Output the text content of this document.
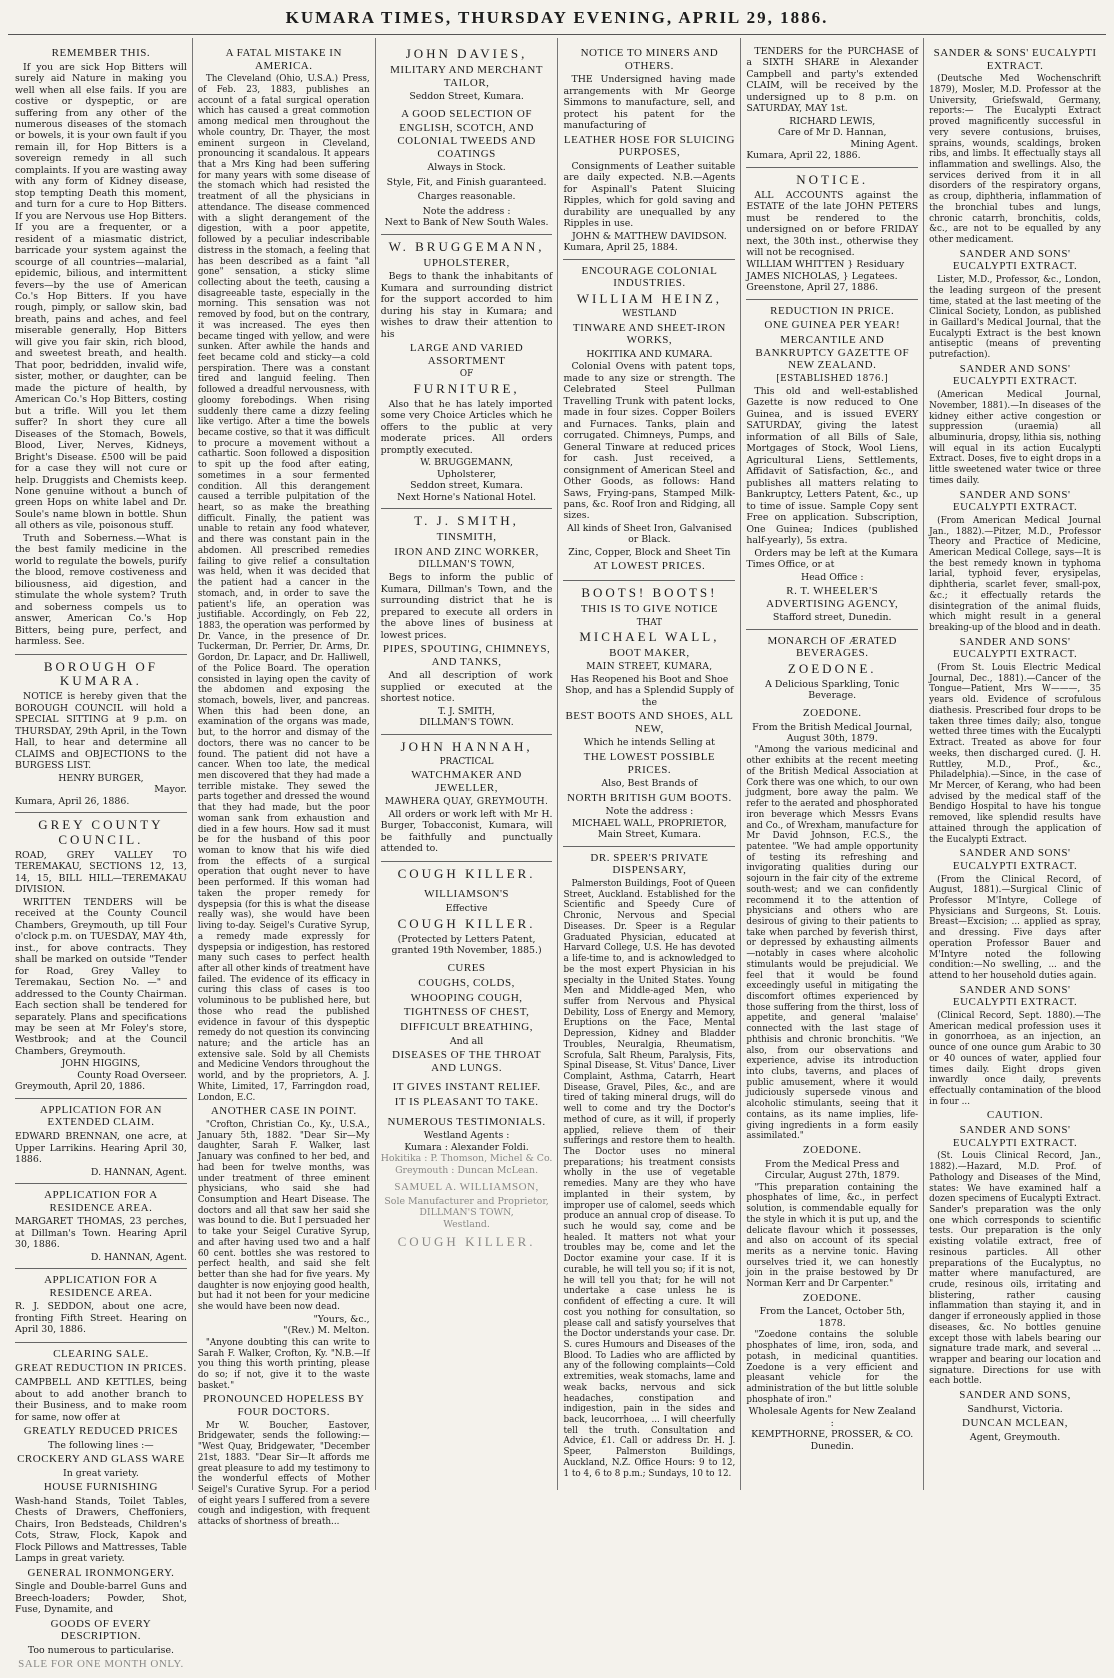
KUMARA TIMES, THURSDAY EVENING, APRIL 29, 1886.
REMEMBER THIS.

If you are sick Hop Bitters will surely aid Nature in making you well when all else fails. If you are costive or dyspeptic, or are suffering from any other of the numerous diseases of the stomach or bowels, it is your own fault if you remain ill, for Hop Bitters is a sovereign remedy in all such complaints. If you are wasting away with any form of Kidney disease, stop tempting Death this moment, and turn for a cure to Hop Bitters. If you are Nervous use Hop Bitters. If you are a frequenter, or a resident of a miasmatic district, barricade your system against the scourge of all countries—malarial, epidemic, bilious, and intermittent fevers—by the use of American Co.'s Hop Bitters. If you have rough, pimply, or sallow skin, bad breath, pains and aches, and feel miserable generally, Hop Bitters will give you fair skin, rich blood, and sweetest breath, and health. That poor, bedridden, invalid wife, sister, mother, or daughter, can be made the picture of health, by American Co.'s Hop Bitters, costing but a trifle. Will you let them suffer? In short they cure all Diseases of the Stomach, Bowels, Blood, Liver, Nerves, Kidneys, Bright's Disease. £500 will be paid for a case they will not cure or help. Druggists and Chemists keep. None genuine without a bunch of green Hops on white label and Dr. Soule's name blown in bottle. Shun all others as vile, poisonous stuff.

Truth and Soberness.—What is the best family medicine in the world to regulate the bowels, purify the blood, remove costiveness and biliousness, aid digestion, and stimulate the whole system? Truth and soberness compels us to answer, American Co.'s Hop Bitters, being pure, perfect, and harmless. See.

BOROUGH OF KUMARA.

NOTICE is hereby given that the BOROUGH COUNCIL will hold a SPECIAL SITTING at 9 p.m. on THURSDAY, 29th April, in the Town Hall, to hear and determine all CLAIMS and OBJECTIONS to the BURGESS LIST.

HENRY BURGER,
Mayor.
Kumara, April 26, 1886.
GREY COUNTY COUNCIL.

ROAD, GREY VALLEY TO TEREMAKAU, SECTIONS 12, 13, 14, 15, BILL HILL—TEREMAKAU DIVISION.

WRITTEN TENDERS will be received at the County Council Chambers, Greymouth, up till Four o'clock p.m. on TUESDAY, MAY 4th, inst., for above contracts. They shall be marked on outside "Tender for Road, Grey Valley to Teremakau, Section No. —" and addressed to the County Chairman. Each section shall be tendered for separately. Plans and specifications may be seen at Mr Foley's store, Westbrook; and at the Council Chambers, Greymouth.

JOHN HIGGINS,
County Road Overseer.
Greymouth, April 20, 1886.
APPLICATION FOR AN EXTENDED CLAIM.

EDWARD BRENNAN, one acre, at Upper Larrikins. Hearing April 30, 1886.

D. HANNAN, Agent.
APPLICATION FOR A RESIDENCE AREA.

MARGARET THOMAS, 23 perches, at Dillman's Town. Hearing April 30, 1886.

D. HANNAN, Agent.
APPLICATION FOR A RESIDENCE AREA.

R. J. SEDDON, about one acre, fronting Fifth Street. Hearing on April 30, 1886.

CLEARING SALE.
GREAT REDUCTION IN PRICES.

CAMPBELL AND KETTLES, being about to add another branch to their Business, and to make room for same, now offer at

GREATLY REDUCED PRICES
The following lines :—
CROCKERY AND GLASS WARE
In great variety.
HOUSE FURNISHING

Wash-hand Stands, Toilet Tables, Chests of Drawers, Cheffoniers, Chairs, Iron Bedsteads, Children's Cots, Straw, Flock, Kapok and Flock Pillows and Mattresses, Table Lamps in great variety.

GENERAL IRONMONGERY.

Single and Double-barrel Guns and Breech-loaders; Powder, Shot, Fuse, Dynamite, and

GOODS OF EVERY DESCRIPTION.
Too numerous to particularise.
SALE FOR ONE MONTH ONLY.
A FATAL MISTAKE IN AMERICA.

The Cleveland (Ohio, U.S.A.) Press, of Feb. 23, 1883, publishes an account of a fatal surgical operation which has caused a great commotion among medical men throughout the whole country, Dr. Thayer, the most eminent surgeon in Cleveland, pronouncing it scandalous. It appears that a Mrs King had been suffering for many years with some disease of the stomach which had resisted the treatment of all the physicians in attendance. The disease commenced with a slight derangement of the digestion, with a poor appetite, followed by a peculiar indescribable distress in the stomach, a feeling that has been described as a faint "all gone" sensation, a sticky slime collecting about the teeth, causing a disagreeable taste, especially in the morning. This sensation was not removed by food, but on the contrary, it was increased. The eyes then became tinged with yellow, and were sunken. After awhile the hands and feet became cold and sticky—a cold perspiration. There was a constant tired and languid feeling. Then followed a dreadful nervousness, with gloomy forebodings. When rising suddenly there came a dizzy feeling like vertigo. After a time the bowels became costive, so that it was difficult to procure a movement without a cathartic. Soon followed a disposition to spit up the food after eating, sometimes in a sour fermented condition. All this derangement caused a terrible pulpitation of the heart, so as make the breathing difficult. Finally, the patient was unable to retain any food whatever, and there was constant pain in the abdomen. All prescribed remedies failing to give relief a consultation was held, when it was decided that the patient had a cancer in the stomach, and, in order to save the patient's life, an operation was justifiable. Accordingly, on Feb 22, 1883, the operation was performed by Dr. Vance, in the presence of Dr. Tuckerman, Dr. Perrier, Dr. Arms, Dr. Gordon, Dr. Lapacr, and Dr. Halliwell, of the Police Board. The operation consisted in laying open the cavity of the abdomen and exposing the stomach, bowels, liver, and pancreas. When this had been done, an examination of the organs was made, but, to the horror and dismay of the doctors, there was no cancer to be found. The patient did not have a cancer. When too late, the medical men discovered that they had made a terrible mistake. They sewed the parts together and dressed the wound that they had made, but the poor woman sank from exhaustion and died in a few hours. How sad it must be for the husband of this poor woman to know that his wife died from the effects of a surgical operation that ought never to have been performed. If this woman had taken the proper remedy for dyspepsia (for this is what the disease really was), she would have been living to-day. Seigel's Curative Syrup, a remedy made expressly for dyspepsia or indigestion, has restored many such cases to perfect health after all other kinds of treatment have failed. The evidence of its efficacy in curing this class of cases is too voluminous to be published here, but those who read the published evidence in favour of this dyspeptic remedy do not question its convincing nature; and the article has an extensive sale. Sold by all Chemists and Medicine Vendors throughout the world, and by the proprietors, A. J. White, Limited, 17, Farringdon road, London, E.C.

ANOTHER CASE IN POINT.

"Crofton, Christian Co., Ky., U.S.A., January 5th, 1882. "Dear Sir—My daughter, Sarah F. Walker, last January was confined to her bed, and had been for twelve months, was under treatment of three eminent physicians, who said she had Consumption and Heart Disease. The doctors and all that saw her said she was bound to die. But I persuaded her to take your Seigel Curative Syrup, and after having used two and a half 60 cent. bottles she was restored to perfect health, and said she felt better than she had for five years. My daughter is now enjoying good health, but had it not been for your medicine she would have been now dead.

"Yours, &c.,
"(Rev.) M. Melton.

"Anyone doubting this can write to Sarah F. Walker, Crofton, Ky. "N.B.—If you thing this worth printing, please do so; if not, give it to the waste basket."

PRONOUNCED HOPELESS BY FOUR DOCTORS.

Mr W. Boucher, Eastover, Bridgewater, sends the following:— "West Quay, Bridgewater, "December 21st, 1883. "Dear Sir—It affords me great pleasure to add my testimony to the wonderful effects of Mother Seigel's Curative Syrup. For a period of eight years I suffered from a severe cough and indigestion, with frequent attacks of shortness of breath...

JOHN DAVIES,
MILITARY AND MERCHANT TAILOR,
Seddon Street, Kumara.
A GOOD SELECTION OF
ENGLISH, SCOTCH, AND COLONIAL TWEEDS AND COATINGS
Always in Stock.
Style, Fit, and Finish guaranteed.
Charges reasonable.
Note the address :
Next to Bank of New South Wales.
W. BRUGGEMANN,
UPHOLSTERER,

Begs to thank the inhabitants of Kumara and surrounding district for the support accorded to him during his stay in Kumara; and wishes to draw their attention to his

LARGE AND VARIED ASSORTMENT
OF
FURNITURE,

Also that he has lately imported some very Choice Articles which he offers to the public at very moderate prices. All orders promptly executed.

W. BRUGGEMANN,
Upholsterer,
Seddon street, Kumara.
Next Horne's National Hotel.
T. J. SMITH,
TINSMITH,
IRON AND ZINC WORKER,
DILLMAN'S TOWN,

Begs to inform the public of Kumara, Dillman's Town, and the surrounding district that he is prepared to execute all orders in the above lines of business at lowest prices.

PIPES, SPOUTING, CHIMNEYS, AND TANKS,

And all description of work supplied or executed at the shortest notice.

T. J. SMITH,
DILLMAN'S TOWN.
JOHN HANNAH,
PRACTICAL
WATCHMAKER AND JEWELLER,
MAWHERA QUAY, GREYMOUTH.

All orders or work left with Mr H. Burger, Tobacconist, Kumara, will be faithfully and punctually attended to.

COUGH KILLER.
WILLIAMSON'S
Effective
COUGH KILLER.

(Protected by Letters Patent, granted 19th November, 1885.)

CURES
COUGHS, COLDS,
WHOOPING COUGH,
TIGHTNESS OF CHEST,
DIFFICULT BREATHING,
And all
DISEASES OF THE THROAT AND LUNGS.
IT GIVES INSTANT RELIEF.
IT IS PLEASANT TO TAKE.
NUMEROUS TESTIMONIALS.
Westland Agents :
Kumara : Alexander Foldi.
Hokitika : P. Thomson, Michel & Co.
Greymouth : Duncan McLean.
SAMUEL A. WILLIAMSON,
Sole Manufacturer and Proprietor,
DILLMAN'S TOWN,
Westland.
COUGH KILLER.
NOTICE TO MINERS AND OTHERS.

THE Undersigned having made arrangements with Mr George Simmons to manufacture, sell, and protect his patent for the manufacturing of

LEATHER HOSE FOR SLUICING PURPOSES,

Consignments of Leather suitable are daily expected. N.B.—Agents for Aspinall's Patent Sluicing Ripples, which for gold saving and durability are unequalled by any Ripples in use.

JOHN & MATTHEW DAVIDSON.
Kumara, April 25, 1884.
ENCOURAGE COLONIAL INDUSTRIES.
WILLIAM HEINZ,
WESTLAND
TINWARE AND SHEET-IRON WORKS,
HOKITIKA AND KUMARA.

Colonial Ovens with patent tops, made to any size or strength. The Celebrated Steel Pullman Travelling Trunk with patent locks, made in four sizes. Copper Boilers and Furnaces. Tanks, plain and corrugated. Chimneys, Pumps, and General Tinware at reduced prices for cash. Just received, a consignment of American Steel and Other Goods, as follows: Hand Saws, Frying-pans, Stamped Milk-pans, &c. Roof Iron and Ridging, all sizes.

All kinds of Sheet Iron, Galvanised or Black.

Zinc, Copper, Block and Sheet Tin

AT LOWEST PRICES.
BOOTS! BOOTS!
THIS IS TO GIVE NOTICE
THAT
MICHAEL WALL,
BOOT MAKER,
MAIN STREET, KUMARA,

Has Reopened his Boot and Shoe Shop, and has a Splendid Supply of the

BEST BOOTS AND SHOES, ALL NEW,
Which he intends Selling at
THE LOWEST POSSIBLE PRICES.
Also, Best Brands of
NORTH BRITISH GUM BOOTS.
Note the address :
MICHAEL WALL, PROPRIETOR,
Main Street, Kumara.
DR. SPEER'S PRIVATE DISPENSARY,

Palmerston Buildings, Foot of Queen Street, Auckland. Established for the Scientific and Speedy Cure of Chronic, Nervous and Special Diseases. Dr. Speer is a Regular Graduated Physician, educated at Harvard College, U.S. He has devoted a life-time to, and is acknowledged to be the most expert Physician in his specialty in the United States. Young Men and Middle-aged Men, who suffer from Nervous and Physical Debility, Loss of Energy and Memory, Eruptions on the Face, Mental Depression, Kidney and Bladder Troubles, Neuralgia, Rheumatism, Scrofula, Salt Rheum, Paralysis, Fits, Spinal Disease, St. Vitus' Dance, Liver Complaint, Asthma, Catarrh, Heart Disease, Gravel, Piles, &c., and are tired of taking mineral drugs, will do well to come and try the Doctor's method of cure, as it will, if properly applied, relieve them of their sufferings and restore them to health. The Doctor uses no mineral preparations; his treatment consists wholly in the use of vegetable remedies. Many are they who have implanted in their system, by improper use of calomel, seeds which produce an annual crop of disease. To such he would say, come and be healed. It matters not what your troubles may be, come and let the Doctor examine your case. If it is curable, he will tell you so; if it is not, he will tell you that; for he will not undertake a case unless he is confident of effecting a cure. It will cost you nothing for consultation, so please call and satisfy yourselves that the Doctor understands your case. Dr. S. cures Humours and Diseases of the Blood. To Ladies who are afflicted by any of the following complaints—Cold extremities, weak stomachs, lame and weak backs, nervous and sick headaches, constipation and indigestion, pain in the sides and back, leucorrhoea, ... I will cheerfully tell the truth. Consultation and Advice, £1. Call or address Dr. H. J. Speer, Palmerston Buildings, Auckland, N.Z. Office Hours: 9 to 12, 1 to 4, 6 to 8 p.m.; Sundays, 10 to 12.

TENDERS for the PURCHASE of a SIXTH SHARE in Alexander Campbell and party's extended CLAIM, will be received by the undersigned up to 8 p.m. on SATURDAY, MAY 1st.

RICHARD LEWIS,
Care of Mr D. Hannan,
Mining Agent.
Kumara, April 22, 1886.
NOTICE.

ALL ACCOUNTS against the ESTATE of the late JOHN PETERS must be rendered to the undersigned on or before FRIDAY next, the 30th inst., otherwise they will not be recognised.

WILLIAM WHITTEN } Residuary
JAMES NICHOLAS, } Legatees.
Greenstone, April 27, 1886.
REDUCTION IN PRICE.
ONE GUINEA PER YEAR!
MERCANTILE AND BANKRUPTCY GAZETTE OF NEW ZEALAND.
[ESTABLISHED 1876.]

This old and well-established Gazette is now reduced to One Guinea, and is issued EVERY SATURDAY, giving the latest information of all Bills of Sale, Mortgages of Stock, Wool Liens, Agricultural Liens, Settlements, Affidavit of Satisfaction, &c., and publishes all matters relating to Bankruptcy, Letters Patent, &c., up to time of issue. Sample Copy sent Free on application. Subscription, One Guinea; Indices (published half-yearly), 5s extra.

Orders may be left at the Kumara Times Office, or at

Head Office :
R. T. WHEELER'S ADVERTISING AGENCY,
Stafford street, Dunedin.
MONARCH OF ÆRATED BEVERAGES.
ZOEDONE.
A Delicious Sparkling, Tonic Beverage.
ZOEDONE.

From the British Medical Journal, August 30th, 1879.

"Among the various medicinal and other exhibits at the recent meeting of the British Medical Association at Cork there was one which, to our own judgment, bore away the palm. We refer to the aerated and phosphorated iron beverage which Messrs Evans and Co., of Wrexham, manufacture for Mr David Johnson, F.C.S., the patentee. "We had ample opportunity of testing its refreshing and invigorating qualities during our sojourn in the fair city of the extreme south-west; and we can confidently recommend it to the attention of physicians and others who are desirous of giving to their patients to take when parched by feverish thirst, or depressed by exhausting ailments—notably in cases where alcoholic stimulants would be prejudicial. We feel that it would be found exceedingly useful in mitigating the discomfort oftimes experienced by those suffering from the thirst, loss of appetite, and general 'malaise' connected with the last stage of phthisis and chronic bronchitis. "We also, from our observations and experience, advise its introduction into clubs, taverns, and places of public amusement, where it would judiciously supersede vinous and alcoholic stimulants, seeing that it contains, as its name implies, life-giving ingredients in a form easily assimilated."

ZOEDONE.

From the Medical Press and Circular, August 27th, 1879.

"This preparation containing the phosphates of lime, &c., in perfect solution, is commendable equally for the style in which it is put up, and the delicate flavour which it possesses, and also on account of its special merits as a nervine tonic. Having ourselves tried it, we can honestly join in the praise bestowed by Dr Norman Kerr and Dr Carpenter."

ZOEDONE.

From the Lancet, October 5th, 1878.

"Zoedone contains the soluble phosphates of lime, iron, soda, and potash, in medicinal quantities. Zoedone is a very efficient and pleasant vehicle for the administration of the but little soluble phosphate of iron."

Wholesale Agents for New Zealand :
KEMPTHORNE, PROSSER, & CO.
Dunedin.
SANDER & SONS' EUCALYPTI EXTRACT.

(Deutsche Med Wochenschrift 1879), Mosler, M.D. Professor at the University, Griefswald, Germany, reports:— The Eucalypti Extract proved magnificently successful in very severe contusions, bruises, sprains, wounds, scaldings, broken ribs, and limbs. It effectually stays all inflammation and swellings. Also, the services derived from it in all disorders of the respiratory organs, as croup, diphtheria, inflammation of the bronchial tubes and lungs, chronic catarrh, bronchitis, colds, &c., are not to be equalled by any other medicament.

SANDER AND SONS' EUCALYPTI EXTRACT.

Lister, M.D., Professor, &c., London, the leading surgeon of the present time, stated at the last meeting of the Clinical Society, London, as published in Gaillard's Medical Journal, that the Eucalypti Extract is the best known antiseptic (means of preventing putrefaction).

SANDER AND SONS' EUCALYPTI EXTRACT.

(American Medical Journal, November, 1881).—In diseases of the kidney either active congestion or suppression (uraemia) all albuminuria, dropsy, lithia sis, nothing will equal in its action Eucalypti Extract. Doses, five to eight drops in a little sweetened water twice or three times daily.

SANDER AND SONS' EUCALYPTI EXTRACT.

(From American Medical Journal Jan., 1882).—Pitzer, M.D., Professor Theory and Practice of Medicine, American Medical College, says—It is the best remedy known in typhoma larial, typhoid fever, erysipelas, diphtheria, scarlet fever, small-pox, &c.; it effectually retards the disintegration of the animal fluids, which might result in a general breaking-up of the blood and in death.

SANDER AND SONS' EUCALYPTI EXTRACT.

(From St. Louis Electric Medical Journal, Dec., 1881).—Cancer of the Tongue—Patient, Mrs W———, 35 years old. Evidence of scrofulous diathesis. Prescribed four drops to be taken three times daily; also, tongue wetted three times with the Eucalypti Extract. Treated as above for four weeks, then discharged cured. (J. H. Ruttley, M.D., Prof., &c., Philadelphia).—Since, in the case of Mr Mercer, of Kerang, who had been advised by the medical staff of the Bendigo Hospital to have his tongue removed, like splendid results have attained through the application of the Eucalypti Extract.

SANDER AND SONS' EUCALYPTI EXTRACT.

(From the Clinical Record, of August, 1881).—Surgical Clinic of Professor M'Intyre, College of Physicians and Surgeons, St. Louis. Breast—Excision; ... applied as spray, and dressing. Five days after operation Professor Bauer and M'Intyre noted the following condition:—No swelling, ... and the attend to her household duties again.

SANDER AND SONS' EUCALYPTI EXTRACT.

(Clinical Record, Sept. 1880).—The American medical profession uses it in gonorrhoea, as an injection, an ounce of one ounce gum Arabic to 30 or 40 ounces of water, applied four times daily. Eight drops given inwardly once daily, prevents effectually contamination of the blood in four ...

CAUTION.
SANDER AND SONS' EUCALYPTI EXTRACT.

(St. Louis Clinical Record, Jan., 1882).—Hazard, M.D. Prof. of Pathology and Diseases of the Mind, states: We have examined half a dozen specimens of Eucalypti Extract. Sander's preparation was the only one which corresponds to scientific tests. Our preparation is the only existing volatile extract, free of resinous particles. All other preparations of the Eucalyptus, no matter where manufactured, are crude, resinous oils, irritating and blistering, rather causing inflammation than staying it, and in danger if erroneously applied in those diseases, &c. No bottles genuine except those with labels bearing our signature trade mark, and several ... wrapper and bearing our location and signature. Directions for use with each bottle.

SANDER AND SONS,
Sandhurst, Victoria.
DUNCAN MCLEAN,
Agent, Greymouth.
